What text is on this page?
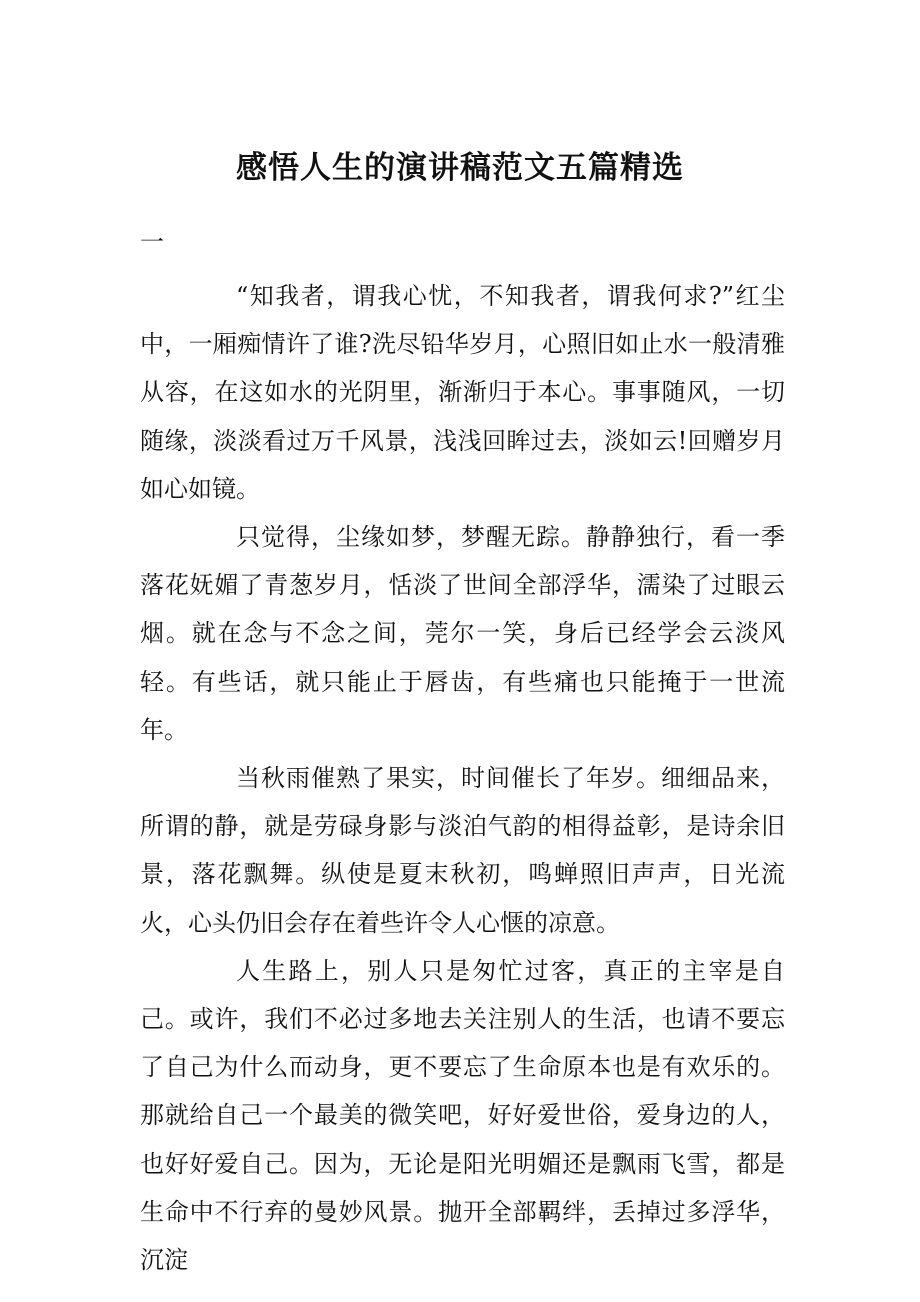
感悟人生的演讲稿范文五篇精选
一

“知我者，谓我心忧，不知我者，谓我何求?”红尘中，一厢痴情许了谁?洗尽铅华岁月，心照旧如止水一般清雅从容，在这如水的光阴里，渐渐归于本心。事事随风，一切随缘，淡淡看过万千风景，浅浅回眸过去，淡如云!回赠岁月如心如镜。

只觉得，尘缘如梦，梦醒无踪。静静独行，看一季落花妩媚了青葱岁月，恬淡了世间全部浮华，濡染了过眼云烟。就在念与不念之间，莞尔一笑，身后已经学会云淡风轻。有些话，就只能止于唇齿，有些痛也只能掩于一世流年。

当秋雨催熟了果实，时间催长了年岁。细细品来，所谓的静，就是劳碌身影与淡泊气韵的相得益彰，是诗余旧景，落花飘舞。纵使是夏末秋初，鸣蝉照旧声声，日光流火，心头仍旧会存在着些许令人心惬的凉意。

人生路上，别人只是匆忙过客，真正的主宰是自己。或许，我们不必过多地去关注别人的生活，也请不要忘了自己为什么而动身，更不要忘了生命原本也是有欢乐的。那就给自己一个最美的微笑吧，好好爱世俗，爱身边的人，也好好爱自己。因为，无论是阳光明媚还是飘雨飞雪，都是生命中不行弃的曼妙风景。抛开全部羁绊，丢掉过多浮华，沉淀
